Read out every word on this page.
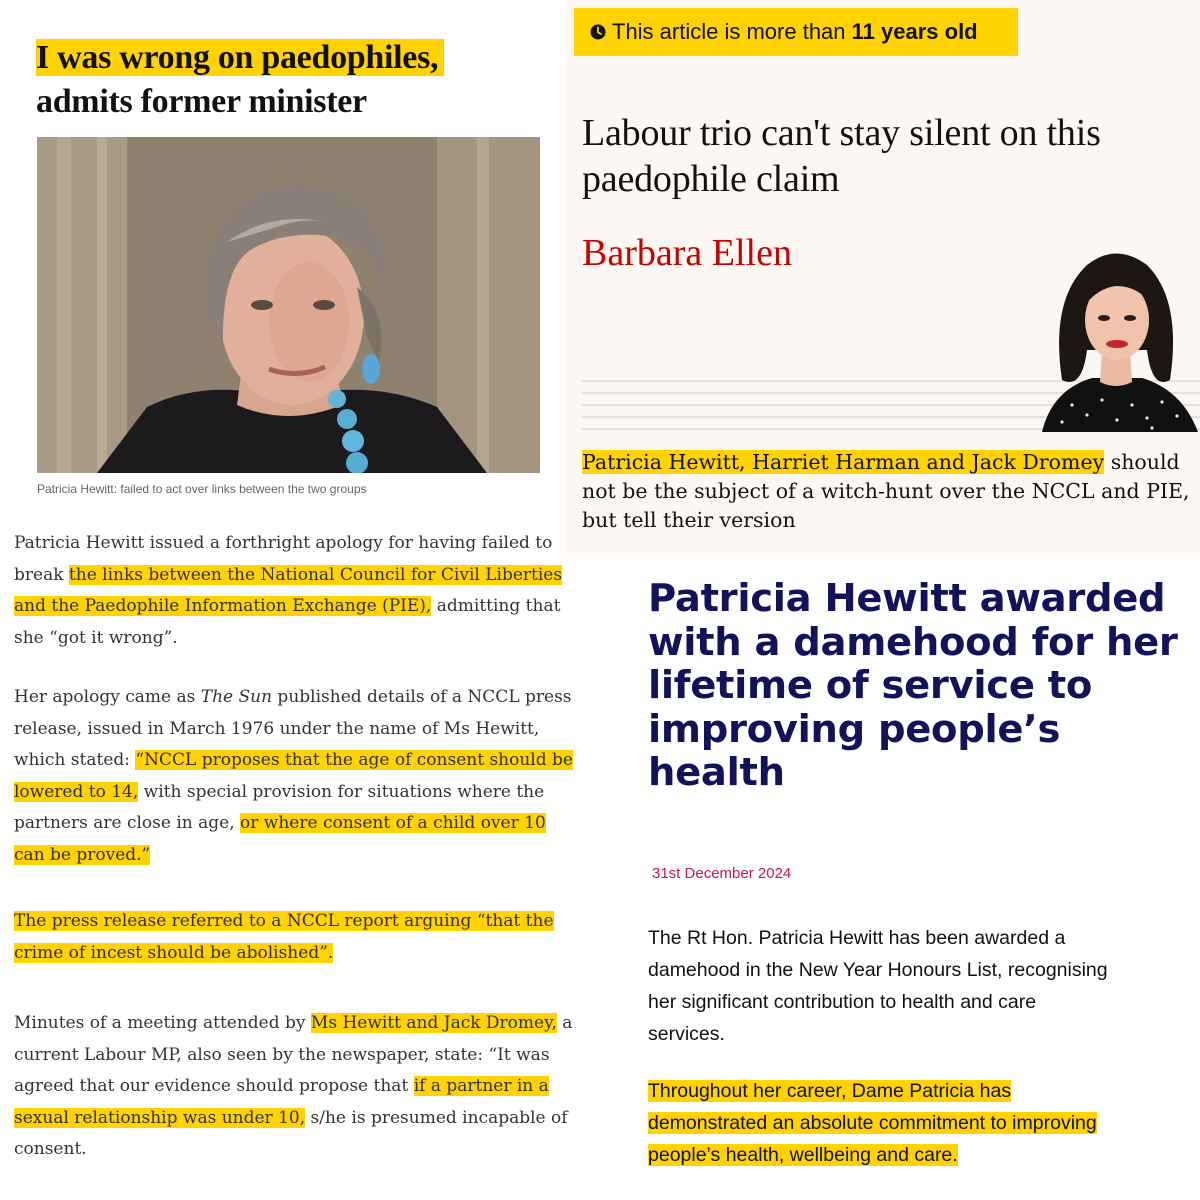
I was wrong on paedophiles,
admits former minister

Patricia Hewitt: failed to act over links between the two groups

Patricia Hewitt issued a forthright apology for having failed to break the links between the National Council for Civil Liberties and the Paedophile Information Exchange (PIE), admitting that she “got it wrong”.

Her apology came as The Sun published details of a NCCL press release, issued in March 1976 under the name of Ms Hewitt, which stated: “NCCL proposes that the age of consent should be lowered to 14, with special provision for situations where the partners are close in age, or where consent of a child over 10 can be proved.”

The press release referred to a NCCL report arguing “that the crime of incest should be abolished”.

Minutes of a meeting attended by Ms Hewitt and Jack Dromey, a current Labour MP, also seen by the newspaper, state: “It was agreed that our evidence should propose that if a partner in a sexual relationship was under 10, s/he is presumed incapable of consent.

This article is more than 11 years old
Labour trio can't stay silent on this paedophile claim

Barbara Ellen

Patricia Hewitt, Harriet Harman and Jack Dromey should not be the subject of a witch-hunt over the NCCL and PIE, but tell their version

Patricia Hewitt awarded with a damehood for her lifetime of service to improving people’s health

31st December 2024

The Rt Hon. Patricia Hewitt has been awarded a damehood in the New Year Honours List, recognising her significant contribution to health and care services.

Throughout her career, Dame Patricia has demonstrated an absolute commitment to improving people’s health, wellbeing and care.
